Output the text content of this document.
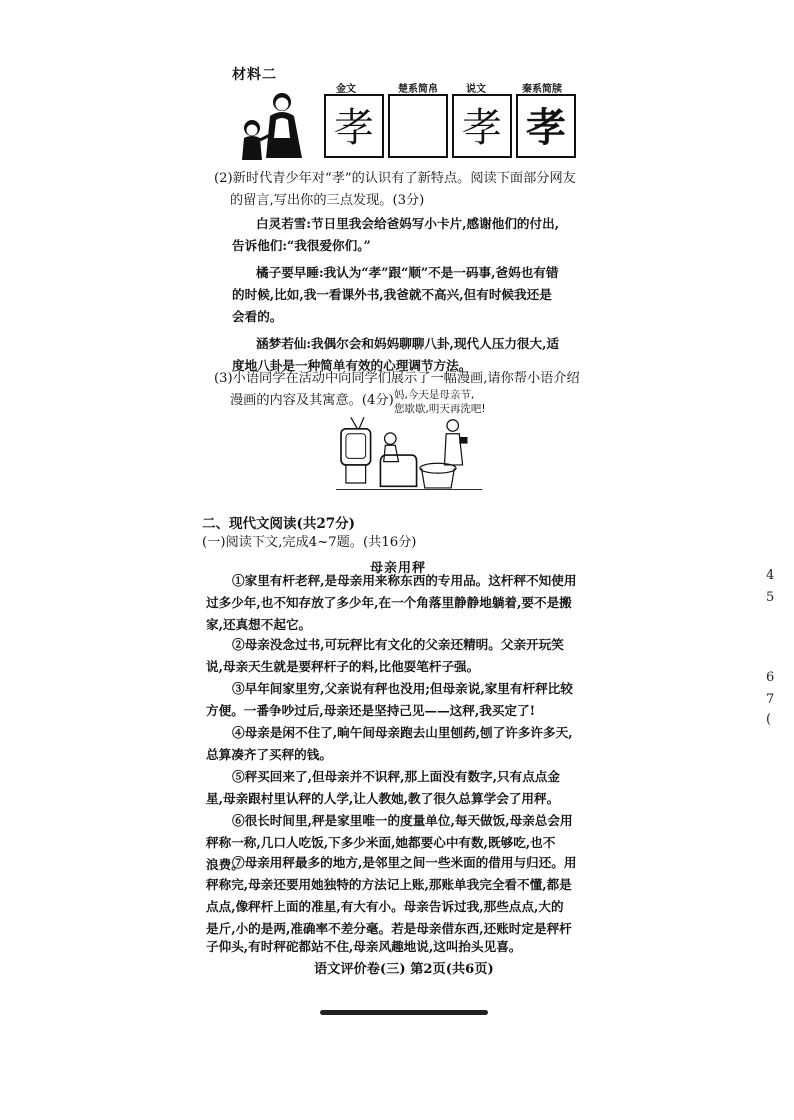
材料二
金文
孝
楚系简帛	说文
孝
秦系简牍
孝
(2)新时代青少年对“孝”的认识有了新特点。阅读下面部分网友
的留言,写出你的三点发现。(3分)
白灵若雪:节日里我会给爸妈写小卡片,感谢他们的付出,
告诉他们:“我很爱你们。”
橘子要早睡:我认为“孝”跟“顺”不是一码事,爸妈也有错
的时候,比如,我一看课外书,我爸就不高兴,但有时候我还是
会看的。
涵梦若仙:我偶尔会和妈妈聊聊八卦,现代人压力很大,适
度地八卦是一种简单有效的心理调节方法。
(3)小语同学在活动中向同学们展示了一幅漫画,请你帮小语介绍
漫画的内容及其寓意。(4分) 妈,今天是母亲节,
您歇歇,明天再洗吧!
二、现代文阅读(共27分)
(一)阅读下文,完成4~7题。(共16分)
母亲用秤
①家里有杆老秤,是母亲用来称东西的专用品。这杆秤不知使用
过多少年,也不知存放了多少年,在一个角落里静静地躺着,要不是搬
家,还真想不起它。
②母亲没念过书,可玩秤比有文化的父亲还精明。父亲开玩笑
说,母亲天生就是要秤杆子的料,比他耍笔杆子强。
③早年间家里穷,父亲说有秤也没用;但母亲说,家里有杆秤比较
方便。一番争吵过后,母亲还是坚持己见——这秤,我买定了!
④母亲是闲不住了,晌午间母亲跑去山里刨药,刨了许多许多天,
总算凑齐了买秤的钱。
⑤秤买回来了,但母亲并不识秤,那上面没有数字,只有点点金
星,母亲跟村里认秤的人学,让人教她,教了很久总算学会了用秤。
⑥很长时间里,秤是家里唯一的度量单位,每天做饭,母亲总会用
秤称一称,几口人吃饭,下多少米面,她都要心中有数,既够吃,也不
浪费。
⑦母亲用秤最多的地方,是邻里之间一些米面的借用与归还。用
秤称完,母亲还要用她独特的方法记上账,那账单我完全看不懂,都是
点点,像秤杆上面的准星,有大有小。母亲告诉过我,那些点点,大的
是斤,小的是两,准确率不差分毫。若是母亲借东西,还账时定是秤杆
子仰头,有时秤砣都站不住,母亲风趣地说,这叫抬头见喜。
语文评价卷(三) 第2页(共6页)
4
5
6
7
(
